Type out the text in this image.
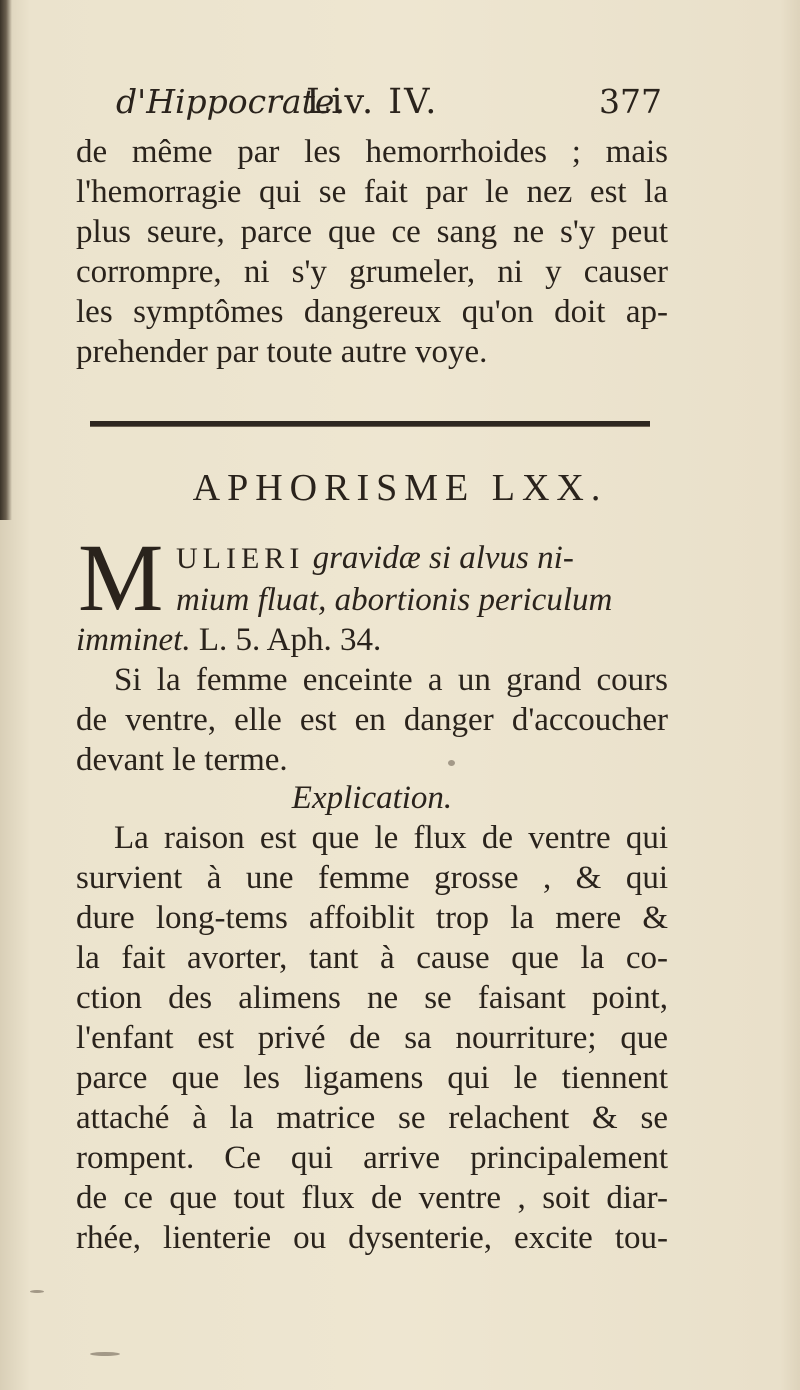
d'Hippocrate.
Liv. IV.	377
de même par les hemorrhoides ; mais
l'hemorragie qui se fait par le nez est la
plus seure, parce que ce sang ne s'y peut
corrompre, ni s'y grumeler, ni y causer
les symptômes dangereux qu'on doit ap-
prehender par toute autre voye.
APHORISME LXX.
M ULIERI gravidæ si alvus ni-
mium fluat, abortionis periculum
imminet. L. 5. Aph. 34.
Si la femme enceinte a un grand cours
de ventre, elle est en danger d'accoucher
devant le terme.
Explication.
La raison est que le flux de ventre qui
survient à une femme grosse , & qui
dure long-tems affoiblit trop la mere &
la fait avorter, tant à cause que la co-
ction des alimens ne se faisant point,
l'enfant est privé de sa nourriture; que
parce que les ligamens qui le tiennent
attaché à la matrice se relachent & se
rompent. Ce qui arrive principalement
de ce que tout flux de ventre , soit diar-
rhée, lienterie ou dysenterie, excite tou-
